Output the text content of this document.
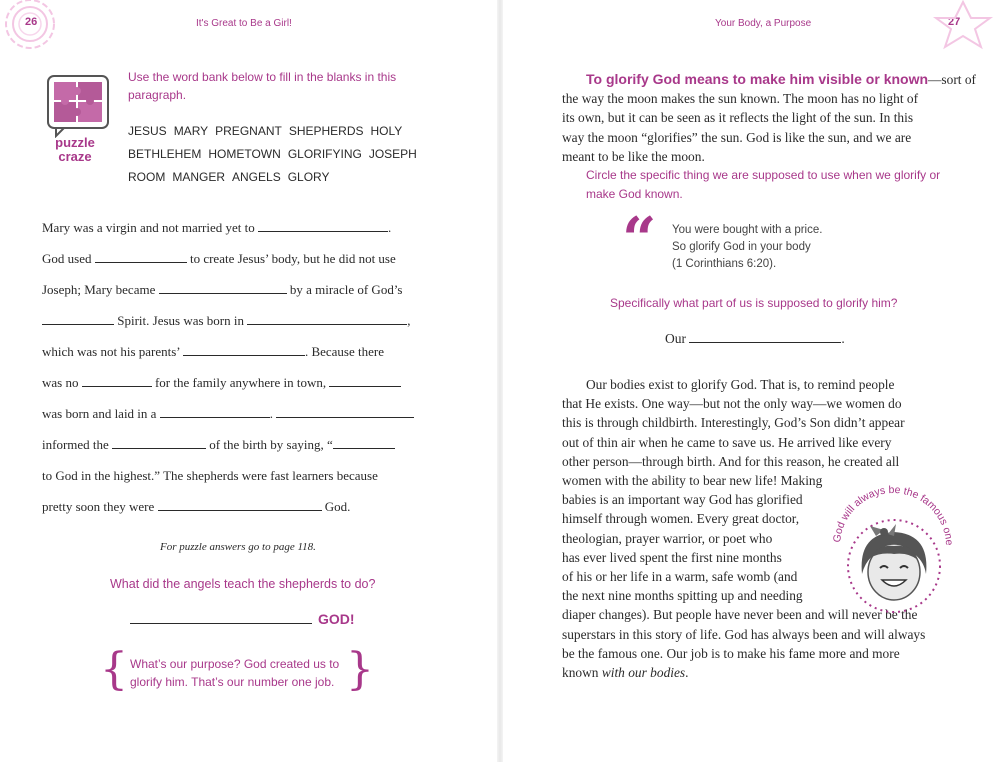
26	It's Great to Be a Girl!
puzzle
craze
Use the word bank below to fill in the blanks in this
paragraph.
JESUS MARY PREGNANT SHEPHERDS HOLY
BETHLEHEM HOMETOWN GLORIFYING JOSEPH
ROOM MANGER ANGELS GLORY
Mary was a virgin and not married yet to	.
God used	to create Jesus’ body, but he did not use
Joseph; Mary became	by a miracle of God’s
Spirit. Jesus was born in	,
which was not his parents’	. Because there
was no	for the family anywhere in town,
was born and laid in a	.
informed the	of the birth by saying, “
to God in the highest.” The shepherds were fast learners because
pretty soon they were	God.
For puzzle answers go to page 118.
What did the angels teach the shepherds to do?
GOD!
{	}
What’s our purpose? God created us to
glorify him. That’s our number one job.
Your Body, a Purpose	27
To glorify God means to make him visible or known—sort of
the way the moon makes the sun known. The moon has no light of
its own, but it can be seen as it reflects the light of the sun. In this
way the moon “glorifies” the sun. God is like the sun, and we are
meant to be like the moon.
Circle the specific thing we are supposed to use when we glorify or
make God known.
“ You were bought with a price.
So glorify God in your body
(1 Corinthians 6:20).
Specifically what part of us is supposed to glorify him?
Our	.
Our bodies exist to glorify God. That is, to remind people
that He exists. One way—but not the only way—we women do
this is through childbirth. Interestingly, God’s Son didn’t appear
out of thin air when he came to save us. He arrived like every
other person—through birth. And for this reason, he created all
women with the ability to bear new life! Making
babies is an important way God has glorified
himself through women. Every great doctor,
theologian, prayer warrior, or poet who
has ever lived spent the first nine months
of his or her life in a warm, safe womb (and
the next nine months spitting up and needing
diaper changes). But people have never been and will never be the
superstars in this story of life. God has always been and will always
be the famous one. Our job is to make his fame more and more
known with our bodies.
God will always be the famous one
